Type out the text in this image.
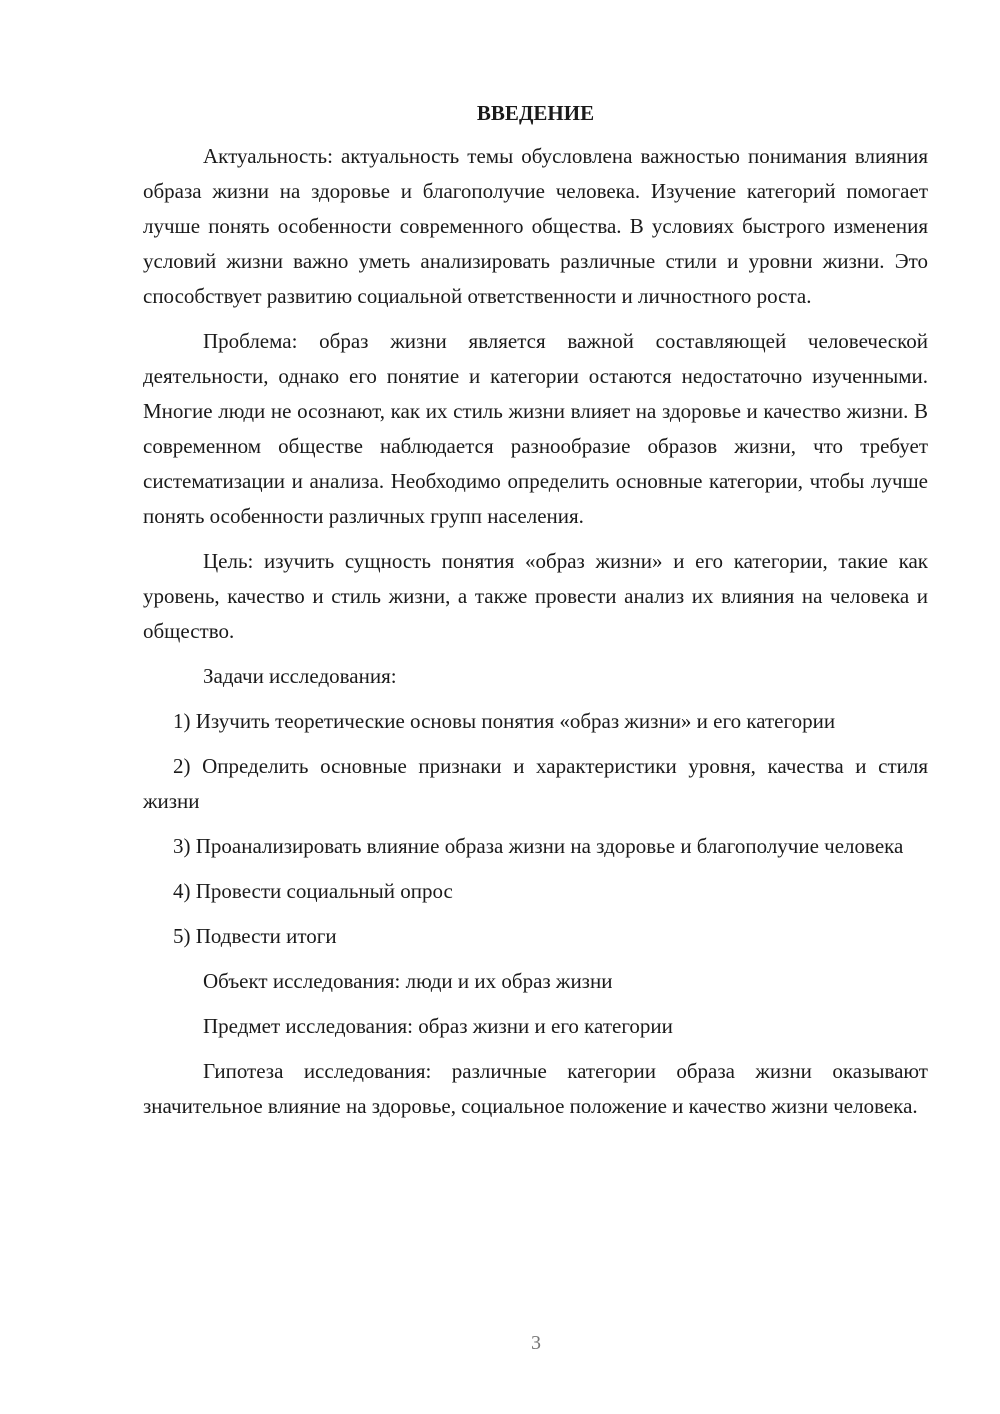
ВВЕДЕНИЕ

Актуальность: актуальность темы обусловлена важностью понимания влияния образа жизни на здоровье и благополучие человека. Изучение категорий помогает лучше понять особенности современного общества. В условиях быстрого изменения условий жизни важно уметь анализировать различные стили и уровни жизни. Это способствует развитию социальной ответственности и личностного роста.

Проблема: образ жизни является важной составляющей человеческой деятельности, однако его понятие и категории остаются недостаточно изученными. Многие люди не осознают, как их стиль жизни влияет на здоровье и качество жизни. В современном обществе наблюдается разнообразие образов жизни, что требует систематизации и анализа. Необходимо определить основные категории, чтобы лучше понять особенности различных групп населения.

Цель: изучить сущность понятия «образ жизни» и его категории, такие как уровень, качество и стиль жизни, а также провести анализ их влияния на человека и общество.

Задачи исследования:

1) Изучить теоретические основы понятия «образ жизни» и его категории

2) Определить основные признаки и характеристики уровня, качества и стиля жизни

3) Проанализировать влияние образа жизни на здоровье и благополучие человека

4) Провести социальный опрос

5) Подвести итоги

Объект исследования: люди и их образ жизни

Предмет исследования: образ жизни и его категории

Гипотеза исследования: различные категории образа жизни оказывают значительное влияние на здоровье, социальное положение и качество жизни человека.

3
